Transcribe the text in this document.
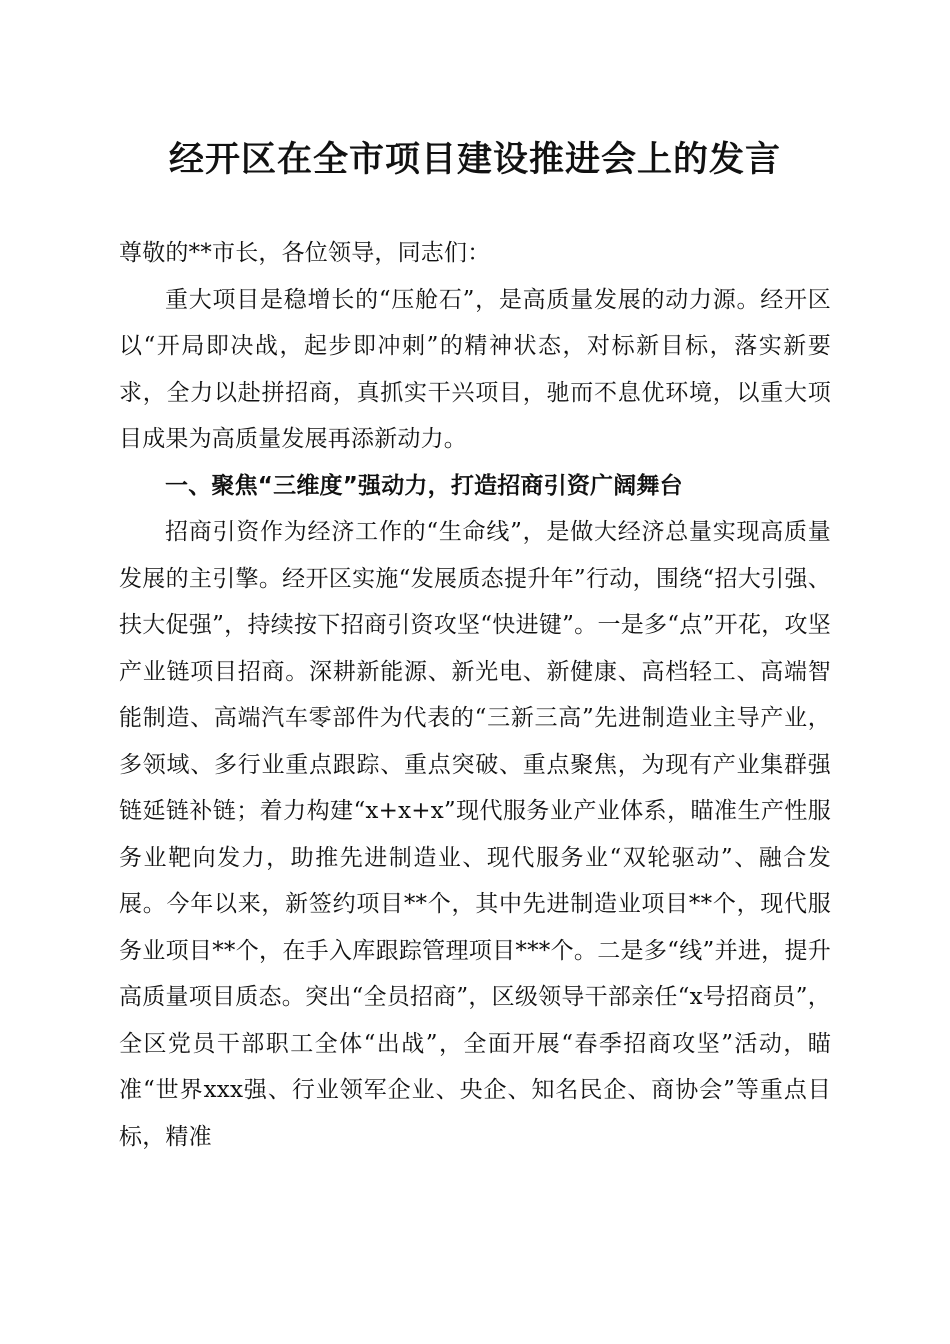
经开区在全市项目建设推进会上的发言

尊敬的**市长，各位领导，同志们：

重大项目是稳增长的“压舱石”，是高质量发展的动力源。经开区以“开局即决战，起步即冲刺”的精神状态，对标新目标，落实新要求，全力以赴拼招商，真抓实干兴项目，驰而不息优环境，以重大项目成果为高质量发展再添新动力。

一、聚焦“三维度”强动力，打造招商引资广阔舞台

招商引资作为经济工作的“生命线”，是做大经济总量实现高质量发展的主引擎。经开区实施“发展质态提升年”行动，围绕“招大引强、扶大促强”，持续按下招商引资攻坚“快进键”。一是多“点”开花，攻坚产业链项目招商。深耕新能源、新光电、新健康、高档轻工、高端智能制造、高端汽车零部件为代表的“三新三高”先进制造业主导产业，多领域、多行业重点跟踪、重点突破、重点聚焦，为现有产业集群强链延链补链；着力构建“x+x+x”现代服务业产业体系，瞄准生产性服务业靶向发力，助推先进制造业、现代服务业“双轮驱动”、融合发展。今年以来，新签约项目**个，其中先进制造业项目**个，现代服务业项目**个，在手入库跟踪管理项目***个。二是多“线”并进，提升高质量项目质态。突出“全员招商”，区级领导干部亲任“x号招商员”，全区党员干部职工全体“出战”，全面开展“春季招商攻坚”活动，瞄准“世界xxx强、行业领军企业、央企、知名民企、商协会”等重点目标，精准
